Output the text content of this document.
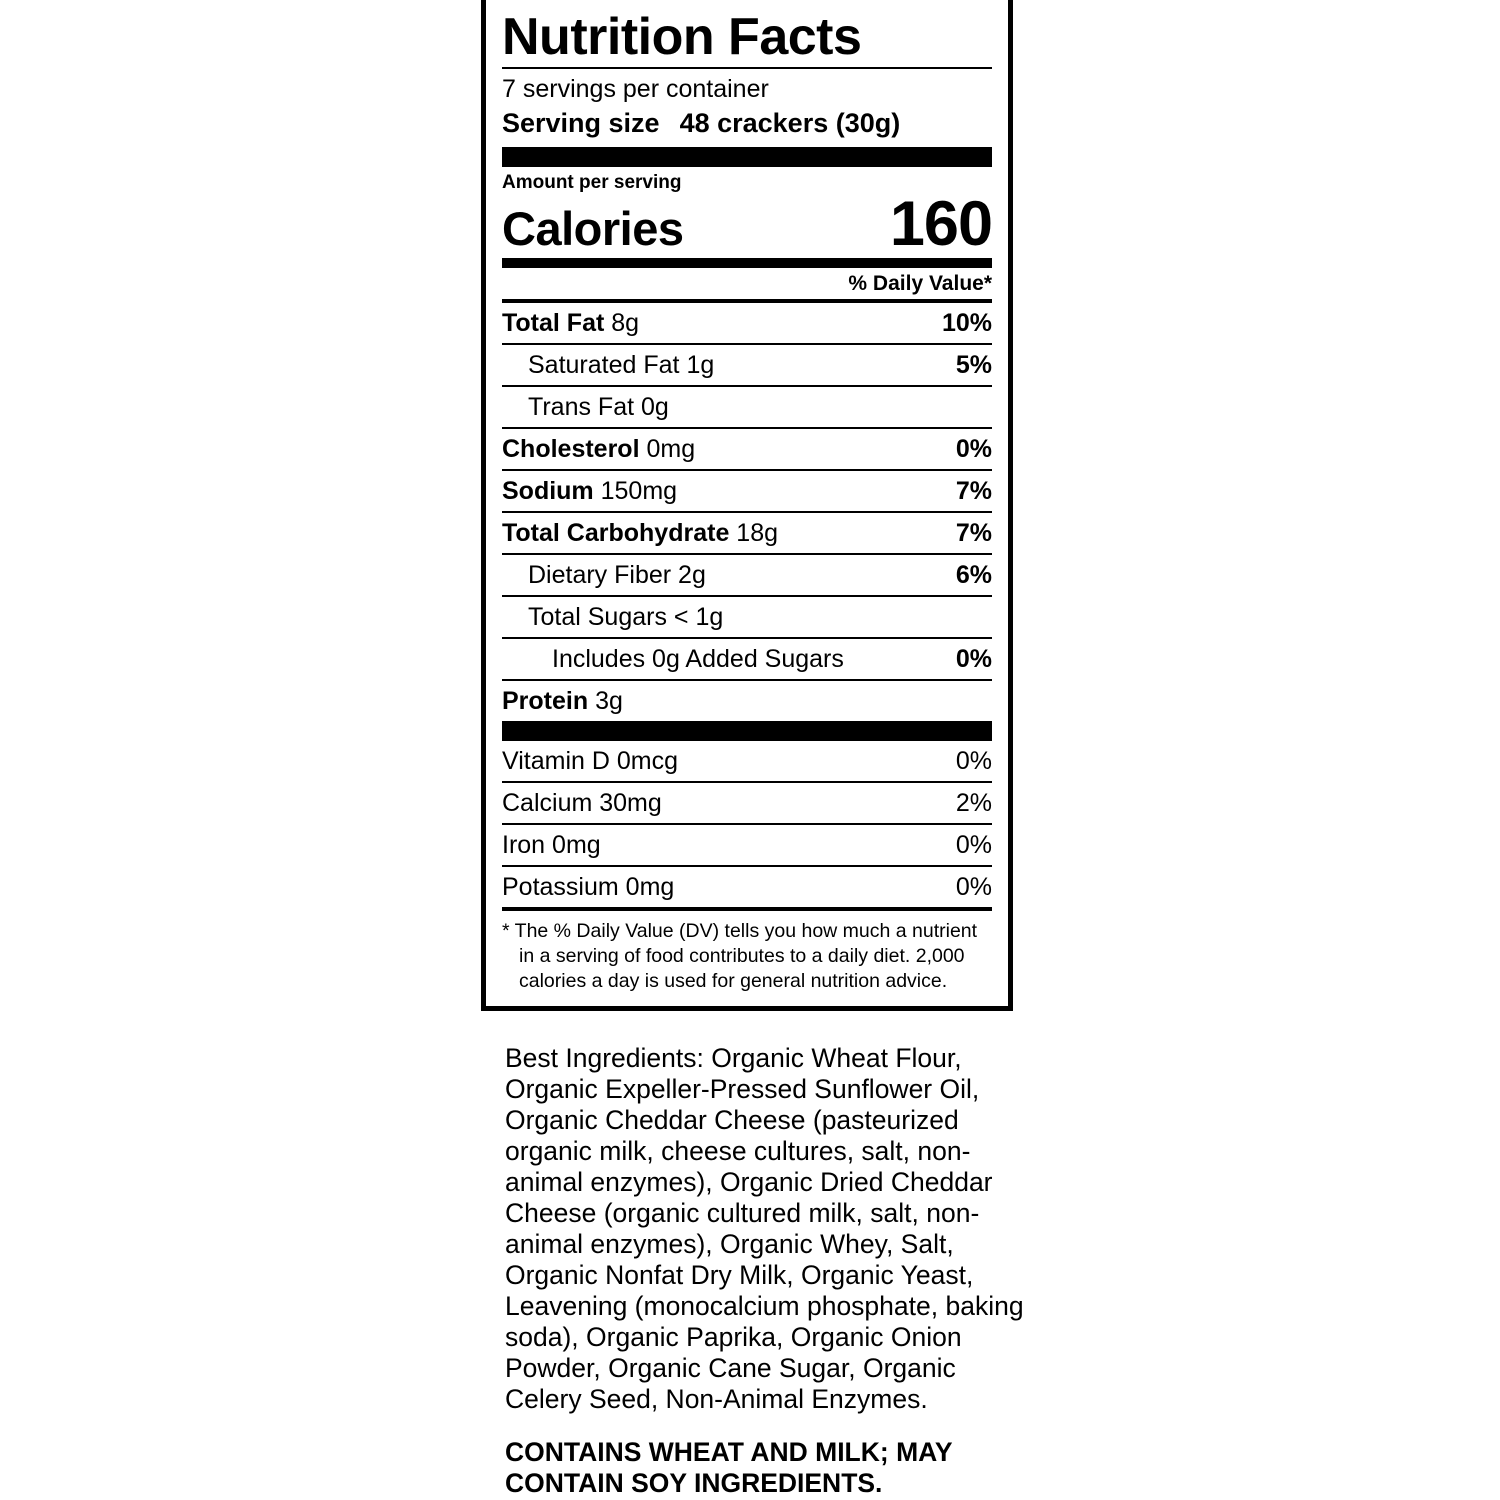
Nutrition Facts
7 servings per container
Serving size 48 crackers (30g)
Amount per serving
Calories	160
% Daily Value*
Total Fat 8g	10%
Saturated Fat 1g	5%
Trans Fat 0g
Cholesterol 0mg	0%
Sodium 150mg	7%
Total Carbohydrate 18g	7%
Dietary Fiber 2g	6%
Total Sugars < 1g
Includes 0g Added Sugars	0%
Protein 3g
Vitamin D 0mcg	0%
Calcium 30mg	2%
Iron 0mg	0%
Potassium 0mg	0%
* The % Daily Value (DV) tells you how much a nutrient
in a serving of food contributes to a daily diet. 2,000
calories a day is used for general nutrition advice.
Best Ingredients: Organic Wheat Flour, Organic Expeller-Pressed Sunflower Oil, Organic Cheddar Cheese (pasteurized organic milk, cheese cultures, salt, non-animal enzymes), Organic Dried Cheddar Cheese (organic cultured milk, salt, non-animal enzymes), Organic Whey, Salt, Organic Nonfat Dry Milk, Organic Yeast, Leavening (monocalcium phosphate, baking soda), Organic Paprika, Organic Onion Powder, Organic Cane Sugar, Organic Celery Seed, Non-Animal Enzymes.
CONTAINS WHEAT AND MILK; MAY CONTAIN SOY INGREDIENTS.
